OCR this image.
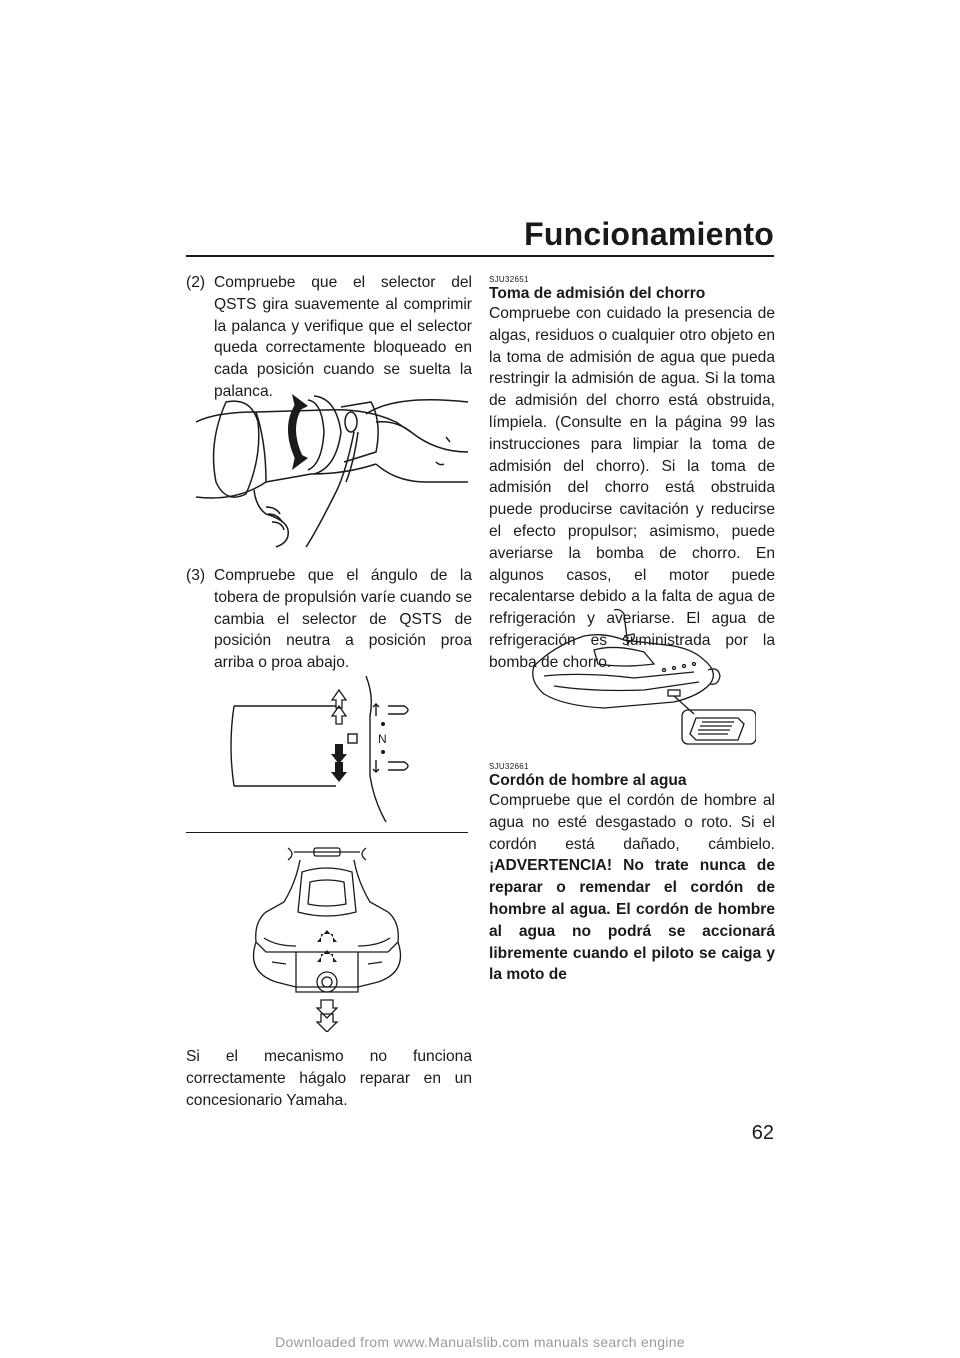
Funcionamiento
(2) Compruebe que el selector del QSTS gira suavemente al comprimir la palanca y verifique que el selector queda correctamente bloqueado en cada posición cuando se suelta la palanca.
(3) Compruebe que el ángulo de la tobera de propulsión varíe cuando se cambia el selector de QSTS de posición neutra a posición proa arriba o proa abajo.
N

Si el mecanismo no funciona correctamente hágalo reparar en un concesionario Yamaha.

SJU32651
Toma de admisión del chorro

Compruebe con cuidado la presencia de algas, residuos o cualquier otro objeto en la toma de admisión de agua que pueda restringir la admisión de agua. Si la toma de admisión del chorro está obstruida, límpiela. (Consulte en la página 99 las instrucciones para limpiar la toma de admisión del chorro). Si la toma de admisión del chorro está obstruida puede producirse cavitación y reducirse el efecto propulsor; asimismo, puede averiarse la bomba de chorro. En algunos casos, el motor puede recalentarse debido a la falta de agua de refrigeración y averiarse. El agua de refrigeración es suministrada por la bomba de chorro.

SJU32661
Cordón de hombre al agua

Compruebe que el cordón de hombre al agua no esté desgastado o roto. Si el cordón está dañado, cámbielo. ¡ADVERTENCIA! No trate nunca de reparar o remendar el cordón de hombre al agua. El cordón de hombre al agua no podrá se accionará libremente cuando el piloto se caiga y la moto de

62
Downloaded from www.Manualslib.com manuals search engine
